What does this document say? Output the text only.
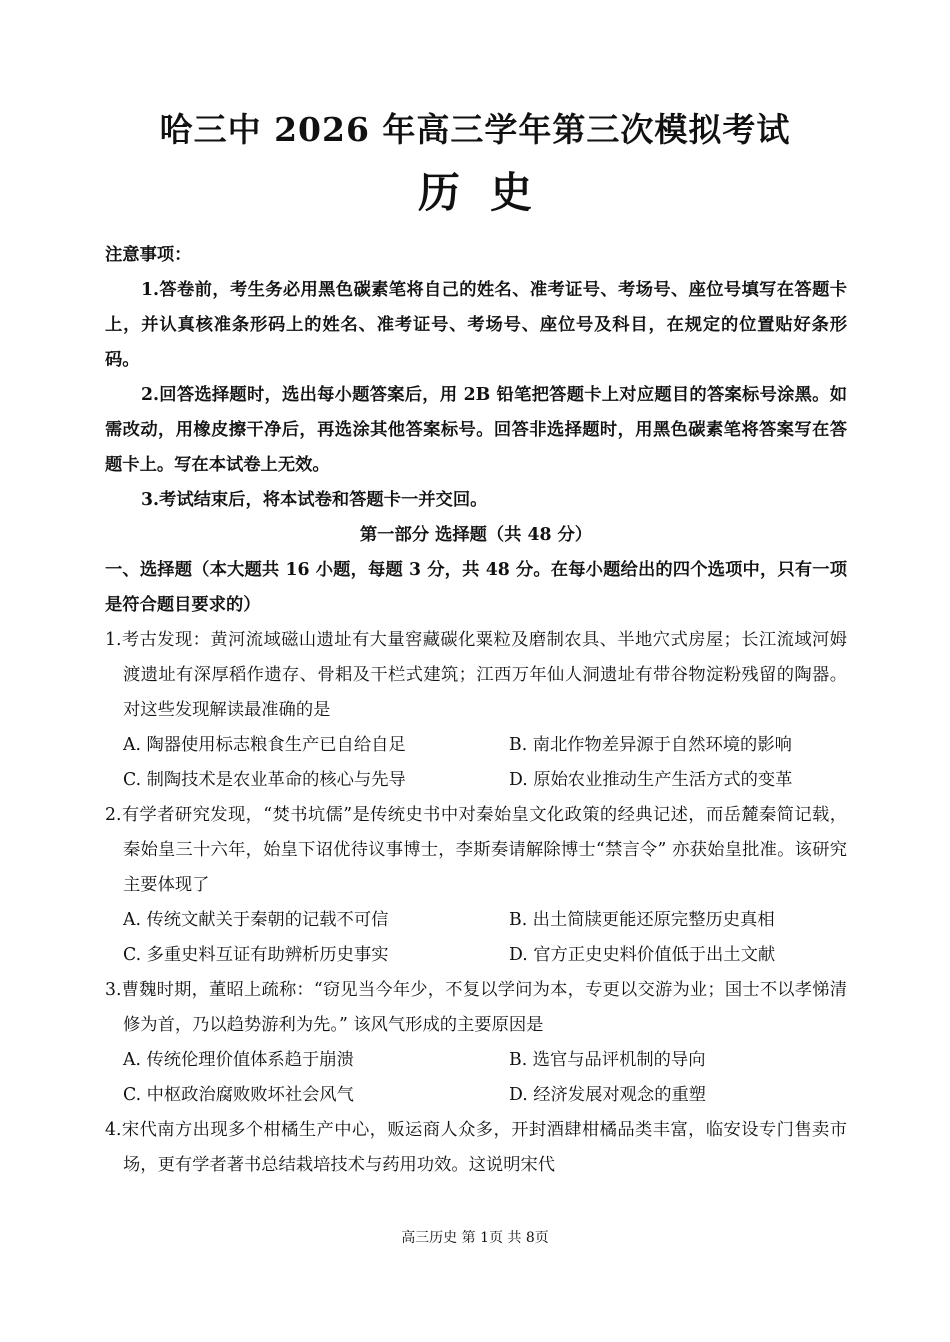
哈三中 2026 年高三学年第三次模拟考试
历史
注意事项：
1.答卷前，考生务必用黑色碳素笔将自己的姓名、准考证号、考场号、座位号填写在答题卡上，并认真核准条形码上的姓名、准考证号、考场号、座位号及科目，在规定的位置贴好条形码。
2.回答选择题时，选出每小题答案后，用 2B 铅笔把答题卡上对应题目的答案标号涂黑。如需改动，用橡皮擦干净后，再选涂其他答案标号。回答非选择题时，用黑色碳素笔将答案写在答题卡上。写在本试卷上无效。
3.考试结束后，将本试卷和答题卡一并交回。
第一部分 选择题（共 48 分）
一、选择题（本大题共 16 小题，每题 3 分，共 48 分。在每小题给出的四个选项中，只有一项是符合题目要求的）
1.考古发现：黄河流域磁山遗址有大量窖藏碳化粟粒及磨制农具、半地穴式房屋；长江流域河姆渡遗址有深厚稻作遗存、骨耜及干栏式建筑；江西万年仙人洞遗址有带谷物淀粉残留的陶器。对这些发现解读最准确的是
A. 陶器使用标志粮食生产已自给自足	B. 南北作物差异源于自然环境的影响
C. 制陶技术是农业革命的核心与先导	D. 原始农业推动生产生活方式的变革
2.有学者研究发现，“焚书坑儒”是传统史书中对秦始皇文化政策的经典记述，而岳麓秦简记载，秦始皇三十六年，始皇下诏优待议事博士，李斯奏请解除博士“禁言令” 亦获始皇批准。该研究主要体现了
A. 传统文献关于秦朝的记载不可信	B. 出土简牍更能还原完整历史真相
C. 多重史料互证有助辨析历史事实	D. 官方正史史料价值低于出土文献
3.曹魏时期，董昭上疏称：“窃见当今年少，不复以学问为本，专更以交游为业；国士不以孝悌清修为首，乃以趋势游利为先。” 该风气形成的主要原因是
A. 传统伦理价值体系趋于崩溃	B. 选官与品评机制的导向
C. 中枢政治腐败败坏社会风气	D. 经济发展对观念的重塑
4.宋代南方出现多个柑橘生产中心，贩运商人众多，开封酒肆柑橘品类丰富，临安设专门售卖市场，更有学者著书总结栽培技术与药用功效。这说明宋代
高三历史 第 1页 共 8页
